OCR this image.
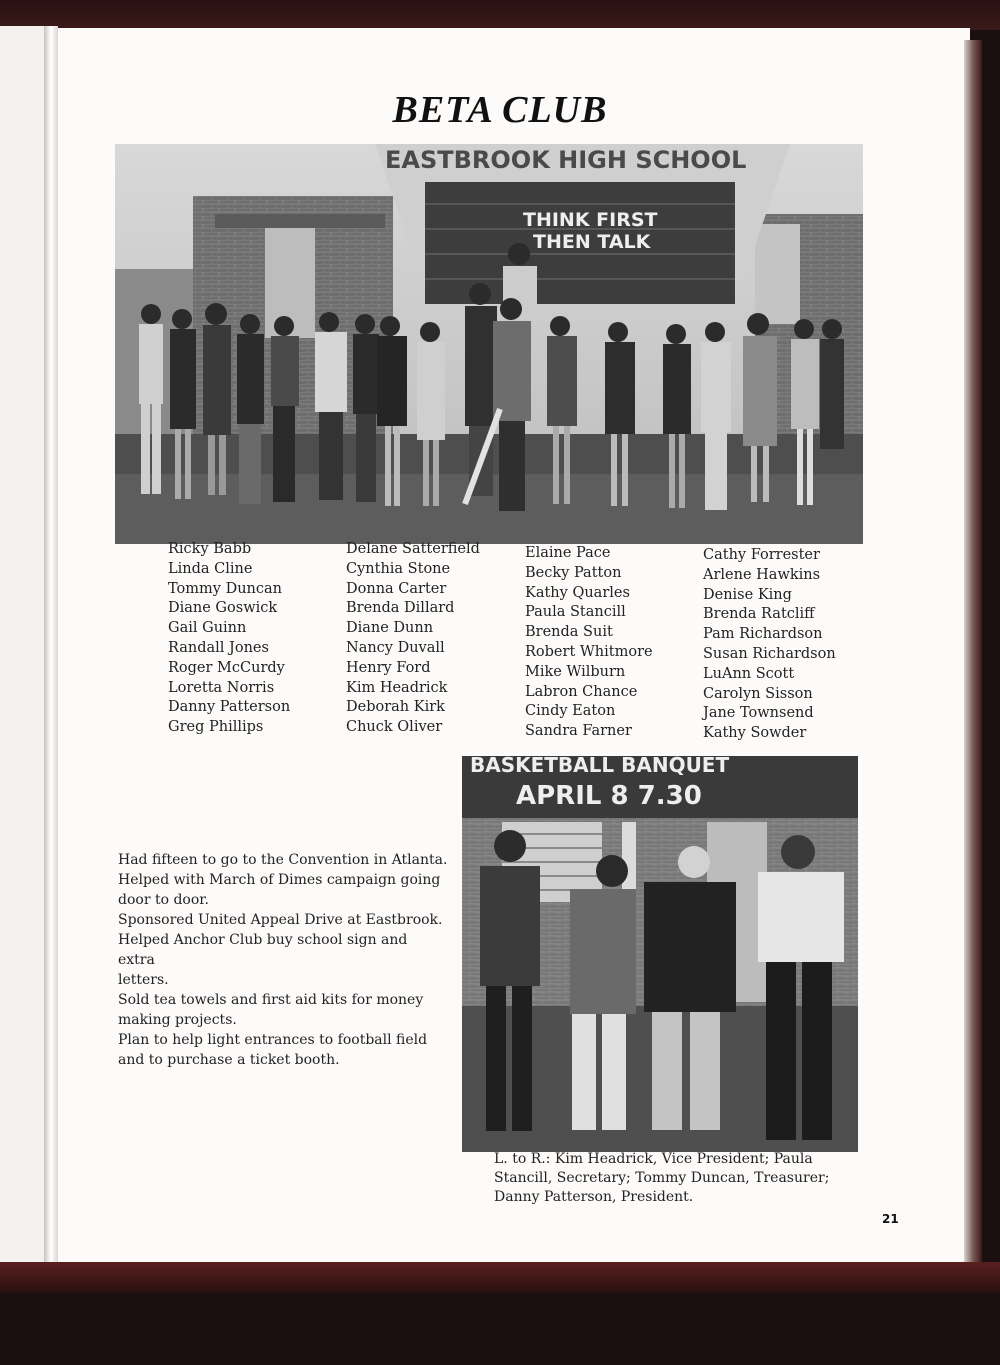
BETA CLUB
EASTBROOK HIGH SCHOOL
THINK FIRST
THEN TALK
Ricky Babb
Linda Cline
Tommy Duncan
Diane Goswick
Gail Guinn
Randall Jones
Roger McCurdy
Loretta Norris
Danny Patterson
Greg Phillips
Delane Satterfield
Cynthia Stone
Donna Carter
Brenda Dillard
Diane Dunn
Nancy Duvall
Henry Ford
Kim Headrick
Deborah Kirk
Chuck Oliver
Elaine Pace
Becky Patton
Kathy Quarles
Paula Stancill
Brenda Suit
Robert Whitmore
Mike Wilburn
Labron Chance
Cindy Eaton
Sandra Farner
Cathy Forrester
Arlene Hawkins
Denise King
Brenda Ratcliff
Pam Richardson
Susan Richardson
LuAnn Scott
Carolyn Sisson
Jane Townsend
Kathy Sowder
Had fifteen to go to the Convention in Atlanta.
Helped with March of Dimes campaign going
door to door.
Sponsored United Appeal Drive at Eastbrook.
Helped Anchor Club buy school sign and extra
letters.
Sold tea towels and first aid kits for money
making projects.
Plan to help light entrances to football field
and to purchase a ticket booth.
BASKETBALL BANQUET
APRIL 8 7.30

L. to R.: Kim Headrick, Vice President; Paula Stancill, Secretary; Tommy Duncan, Treasurer; Danny Patterson, President.

21
